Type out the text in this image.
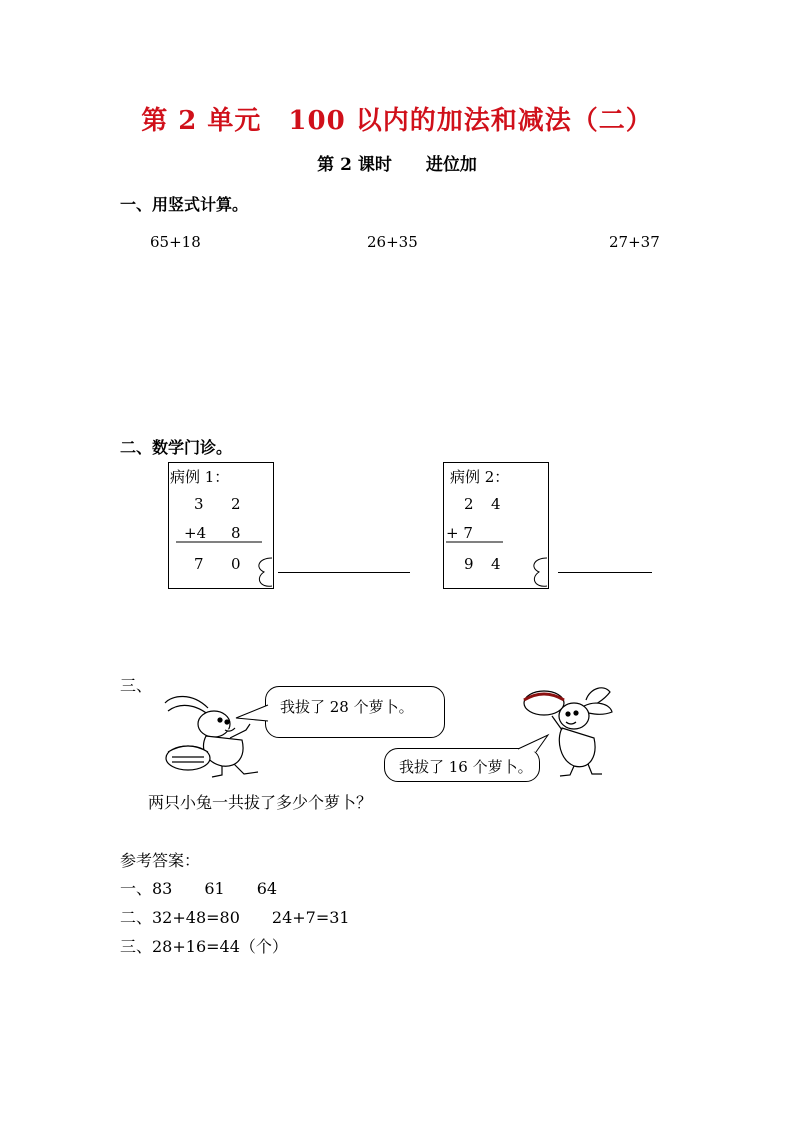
第 2 单元　100 以内的加法和减法（二）
第 2 课时　　进位加
一、用竖式计算。
65+18	26+35	27+37
二、数学门诊。
病例 1：
3 2
+4 8
7 0
病例 2：
2 4
+ 7
9 4
三、
我拔了 28 个萝卜。
我拔了 16 个萝卜。
两只小兔一共拔了多少个萝卜？
参考答案：
一、83　　61　　64
二、32+48=80　　24+7=31
三、28+16=44（个）
